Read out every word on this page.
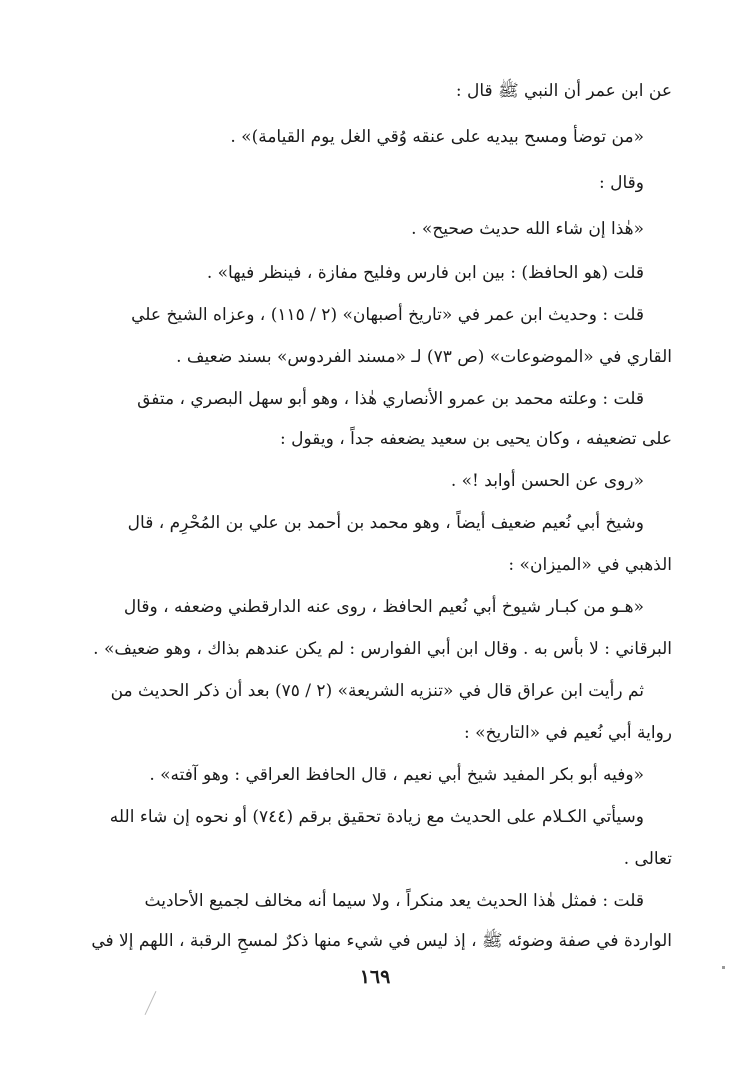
عن ابن عمر أن النبي ﷺ قال :
«من توضأ ومسح بيديه على عنقه وُقي الغل يوم القيامة)» .
وقال :
«هٰذا إن شاء الله حديث صحيح» .
قلت (هو الحافظ) : بين ابن فارس وفليح مفازة ، فينظر فيها» .
قلت : وحديث ابن عمر في «تاريخ أصبهان» (٢ / ١١٥) ، وعزاه الشيخ علي
القاري في «الموضوعات» (ص ٧٣) لـ «مسند الفردوس» بسند ضعيف .
قلت : وعلته محمد بن عمرو الأنصاري هٰذا ، وهو أبو سهل البصري ، متفق
على تضعيفه ، وكان يحيى بن سعيد يضعفه جداً ، ويقول :
«روى عن الحسن أوابد !» .
وشيخ أبي نُعيم ضعيف أيضاً ، وهو محمد بن أحمد بن علي بن المُحْرِم ، قال
الذهبي في «الميزان» :
«هـو من كبـار شيوخ أبي نُعيم الحافظ ، روى عنه الدارقطني وضعفه ، وقال
البرقاني : لا بأس به . وقال ابن أبي الفوارس : لم يكن عندهم بذاك ، وهو ضعيف» .
ثم رأيت ابن عراق قال في «تنزيه الشريعة» (٢ / ٧٥) بعد أن ذكر الحديث من
رواية أبي نُعيم في «التاريخ» :
«وفيه أبو بكر المفيد شيخ أبي نعيم ، قال الحافظ العراقي : وهو آفته» .
وسيأتي الكـلام على الحديث مع زيادة تحقيق برقم (٧٤٤) أو نحوه إن شاء الله
تعالى .
قلت : فمثل هٰذا الحديث يعد منكراً ، ولا سيما أنه مخالف لجميع الأحاديث
الواردة في صفة وضوئه ﷺ ، إذ ليس في شيء منها ذكرٌ لمسحِ الرقبة ، اللهم إلا في
١٦٩
